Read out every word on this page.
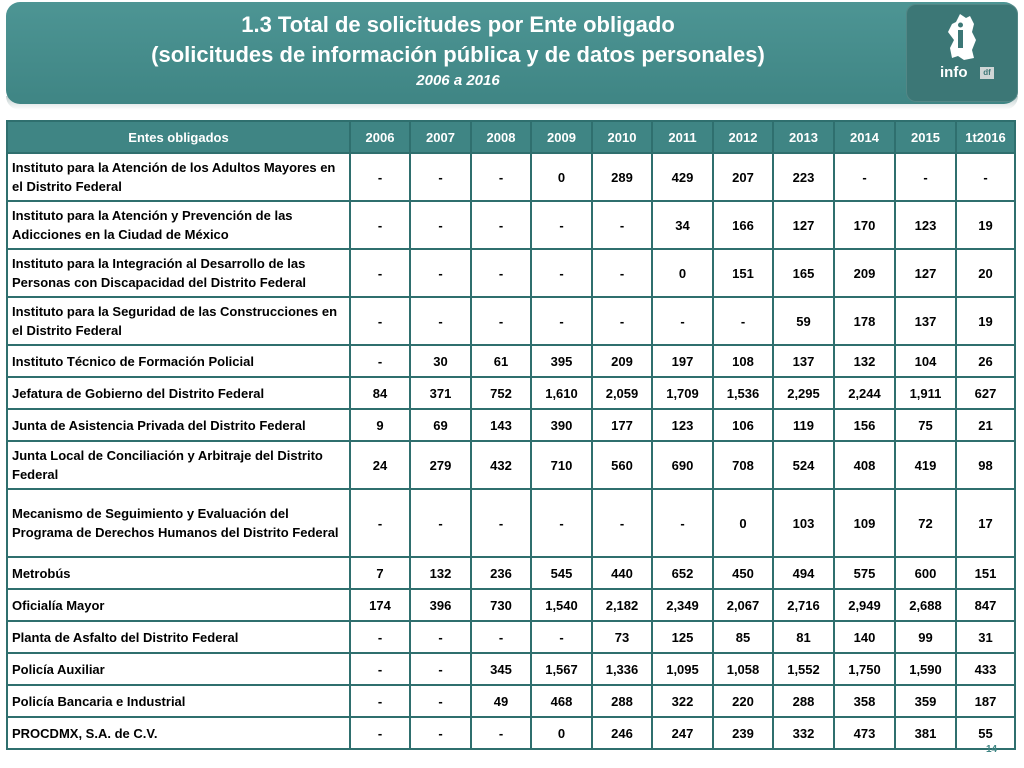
1.3 Total de solicitudes por Ente obligado
(solicitudes de información pública y de datos personales)
2006 a 2016	info	df
Entes obligados	2006	2007	2008	2009	2010	2011	2012	2013	2014	2015	1t2016
Instituto para la Atención de los Adultos Mayores en el Distrito Federal	-	-	-	0	289	429	207	223	-	-	-
Instituto para la Atención y Prevención de las Adicciones en la Ciudad de México	-	-	-	-	-	34	166	127	170	123	19
Instituto para la Integración al Desarrollo de las Personas con Discapacidad del Distrito Federal	-	-	-	-	-	0	151	165	209	127	20
Instituto para la Seguridad de las Construcciones en el Distrito Federal	-	-	-	-	-	-	-	59	178	137	19
Instituto Técnico de Formación Policial	-	30	61	395	209	197	108	137	132	104	26
Jefatura de Gobierno del Distrito Federal	84	371	752	1,610	2,059	1,709	1,536	2,295	2,244	1,911	627
Junta de Asistencia Privada del Distrito Federal	9	69	143	390	177	123	106	119	156	75	21
Junta Local de Conciliación y Arbitraje del Distrito Federal	24	279	432	710	560	690	708	524	408	419	98
Mecanismo de Seguimiento y Evaluación del Programa de Derechos Humanos del Distrito Federal	-	-	-	-	-	-	0	103	109	72	17
Metrobús	7	132	236	545	440	652	450	494	575	600	151
Oficialía Mayor	174	396	730	1,540	2,182	2,349	2,067	2,716	2,949	2,688	847
Planta de Asfalto del Distrito Federal	-	-	-	-	73	125	85	81	140	99	31
Policía Auxiliar	-	-	345	1,567	1,336	1,095	1,058	1,552	1,750	1,590	433
Policía Bancaria e Industrial	-	-	49	468	288	322	220	288	358	359	187
PROCDMX, S.A. de C.V.	-	-	-	0	246	247	239	332	473	381	55
14
